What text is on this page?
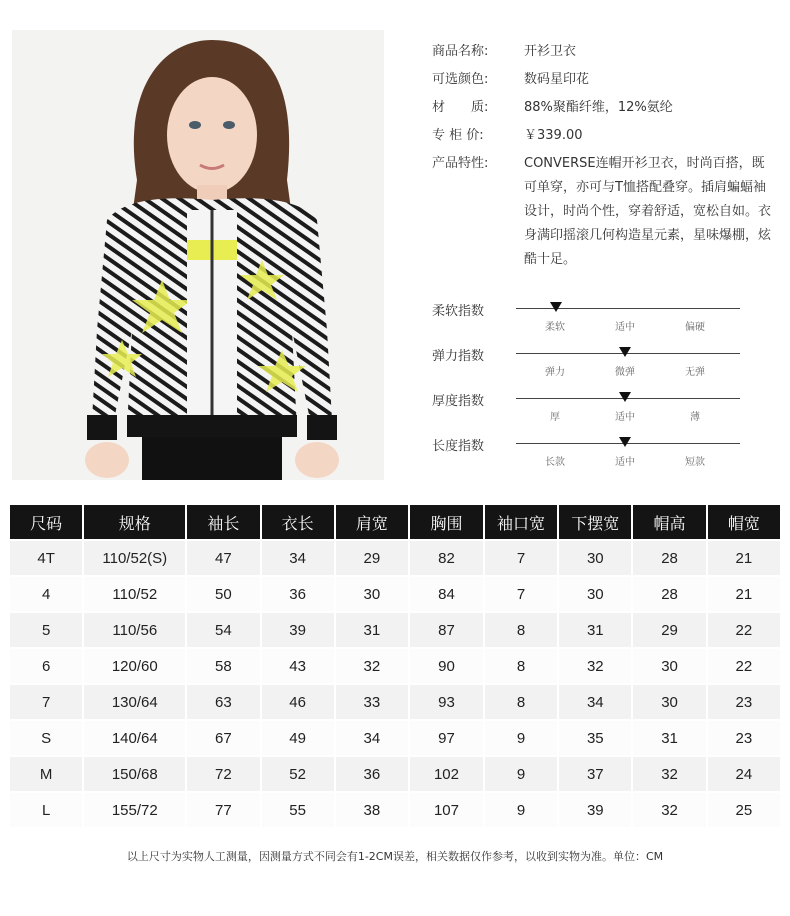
商品名称:	开衫卫衣
可选颜色:	数码星印花
材　　质:	88%聚酯纤维，12%氨纶
专 柜 价:	￥339.00
产品特性:	CONVERSE连帽开衫卫衣，时尚百搭，既可单穿，亦可与T恤搭配叠穿。插肩蝙蝠袖设计，时尚个性，穿着舒适，宽松自如。衣身满印摇滚几何构造星元素，星味爆棚，炫酷十足。
柔软指数
柔软	适中	偏硬
弹力指数
弹力	微弹	无弹
厚度指数
厚	适中	薄
长度指数
长款	适中	短款
尺码	规格	袖长	衣长	肩宽	胸围	袖口宽	下摆宽	帽高	帽宽
4T	110/52(S)	47	34	29	82	7	30	28	21
4	110/52	50	36	30	84	7	30	28	21
5	110/56	54	39	31	87	8	31	29	22
6	120/60	58	43	32	90	8	32	30	22
7	130/64	63	46	33	93	8	34	30	23
S	140/64	67	49	34	97	9	35	31	23
M	150/68	72	52	36	102	9	37	32	24
L	155/72	77	55	38	107	9	39	32	25
以上尺寸为实物人工测量，因测量方式不同会有1-2CM误差，相关数据仅作参考，以收到实物为准。单位：CM
